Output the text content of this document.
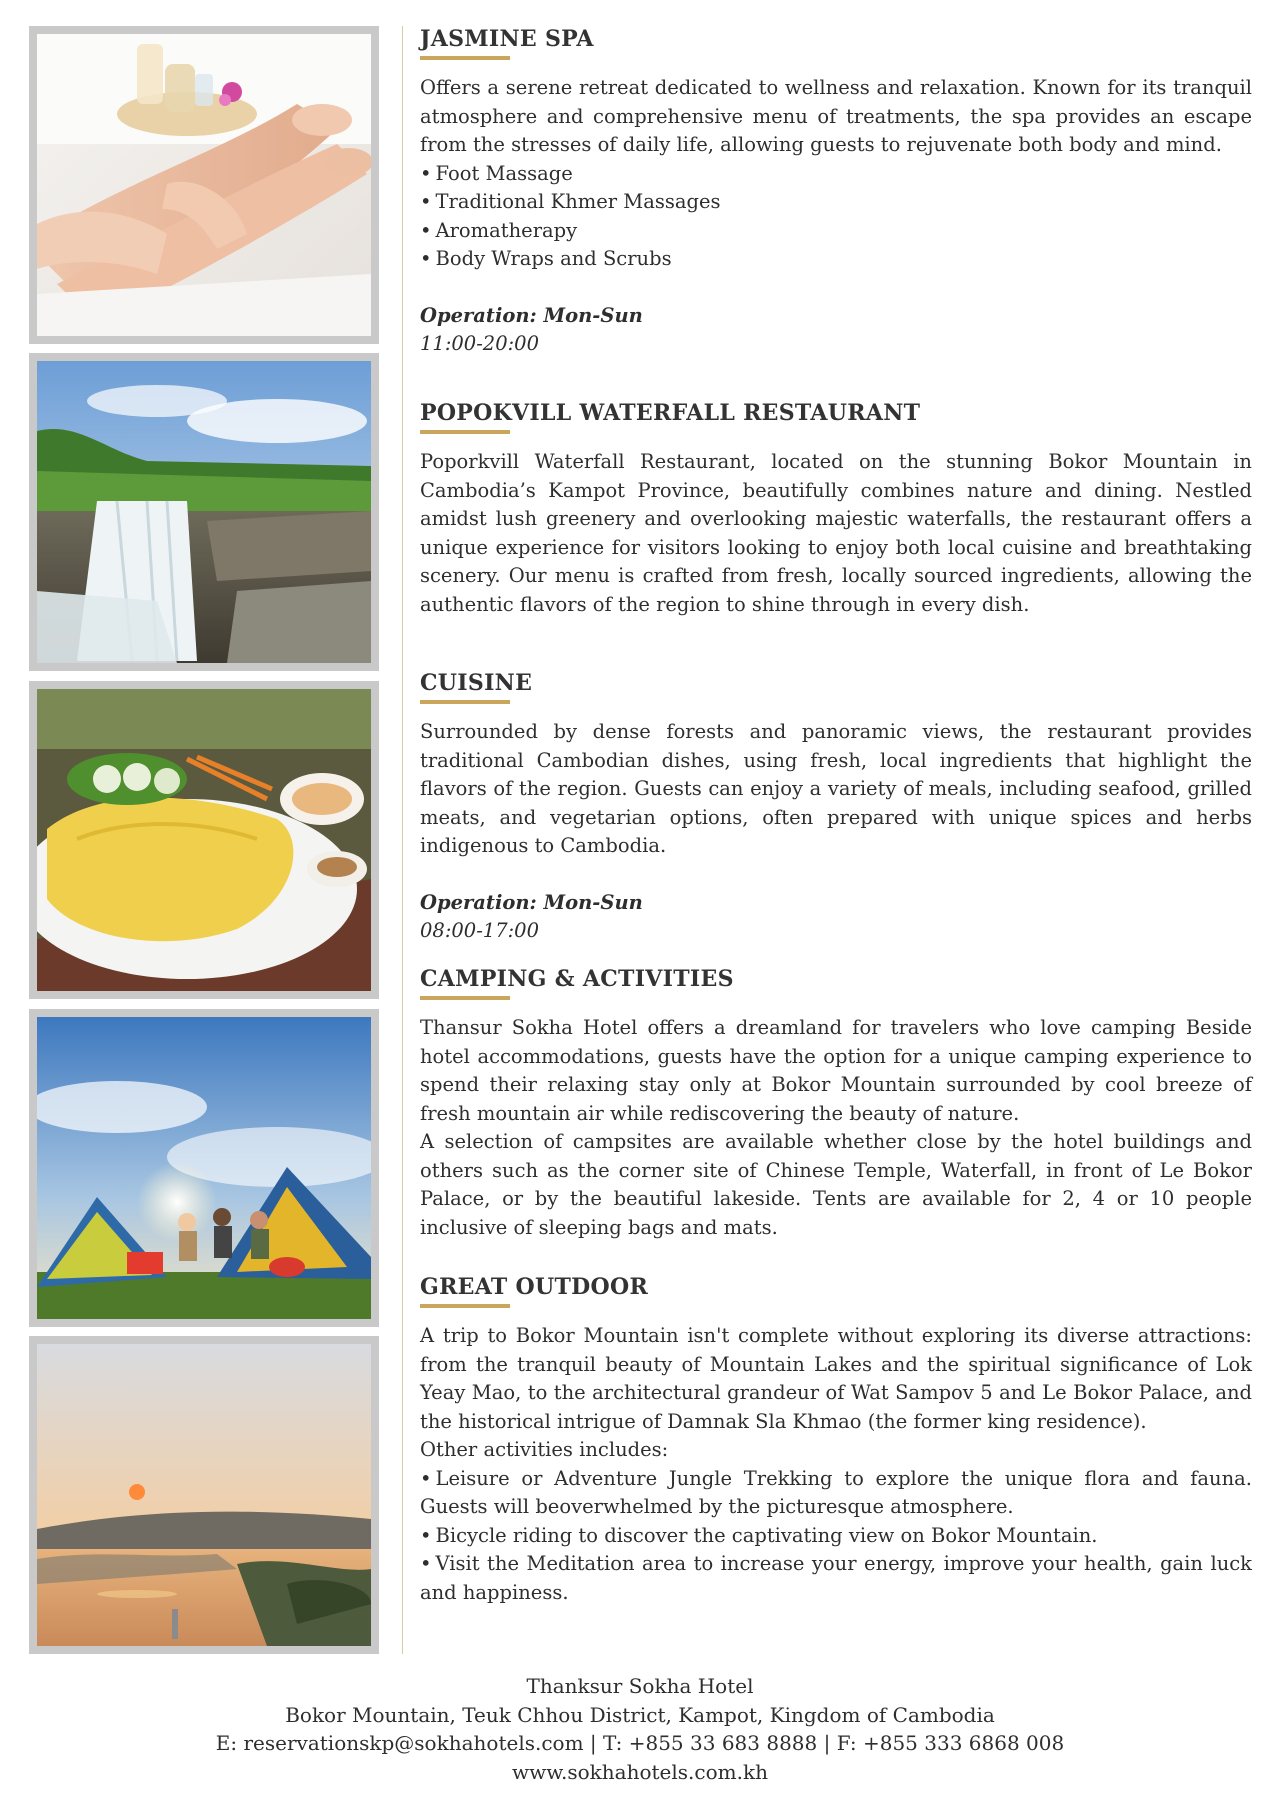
JASMINE SPA

Offers a serene retreat dedicated to wellness and relaxation. Known for its tranquil atmosphere and comprehensive menu of treatments, the spa provides an escape from the stresses of daily life, allowing guests to rejuvenate both body and mind.

• Foot Massage
• Traditional Khmer Massages
• Aromatherapy
• Body Wraps and Scrubs
Operation: Mon-Sun
11:00-20:00
POPOKVILL WATERFALL RESTAURANT

Poporkvill Waterfall Restaurant, located on the stunning Bokor Mountain in Cambodia’s Kampot Province, beautifully combines nature and dining. Nestled amidst lush greenery and overlooking majestic waterfalls, the restaurant offers a unique experience for visitors looking to enjoy both local cuisine and breathtaking scenery. Our menu is crafted from fresh, locally sourced ingredients, allowing the authentic flavors of the region to shine through in every dish.

CUISINE

Surrounded by dense forests and panoramic views, the restaurant provides traditional Cambodian dishes, using fresh, local ingredients that highlight the flavors of the region. Guests can enjoy a variety of meals, including seafood, grilled meats, and vegetarian options, often prepared with unique spices and herbs indigenous to Cambodia.

Operation: Mon-Sun
08:00-17:00
CAMPING & ACTIVITIES

Thansur Sokha Hotel offers a dreamland for travelers who love camping Beside hotel accommodations, guests have the option for a unique camping experience to spend their relaxing stay only at Bokor Mountain surrounded by cool breeze of fresh mountain air while rediscovering the beauty of nature.

A selection of campsites are available whether close by the hotel buildings and others such as the corner site of Chinese Temple, Waterfall, in front of Le Bokor Palace, or by the beautiful lakeside. Tents are available for 2, 4 or 10 people inclusive of sleeping bags and mats.

GREAT OUTDOOR

A trip to Bokor Mountain isn't complete without exploring its diverse attractions: from the tranquil beauty of Mountain Lakes and the spiritual significance of Lok Yeay Mao, to the architectural grandeur of Wat Sampov 5 and Le Bokor Palace, and the historical intrigue of Damnak Sla Khmao (the former king residence).

Other activities includes:

• Leisure or Adventure Jungle Trekking to explore the unique flora and fauna. Guests will beoverwhelmed by the picturesque atmosphere.
• Bicycle riding to discover the captivating view on Bokor Mountain.
• Visit the Meditation area to increase your energy, improve your health, gain luck and happiness.
Thanksur Sokha Hotel
Bokor Mountain, Teuk Chhou District, Kampot, Kingdom of Cambodia
E: reservationskp@sokhahotels.com | T: +855 33 683 8888 | F: +855 333 6868 008
www.sokhahotels.com.kh
